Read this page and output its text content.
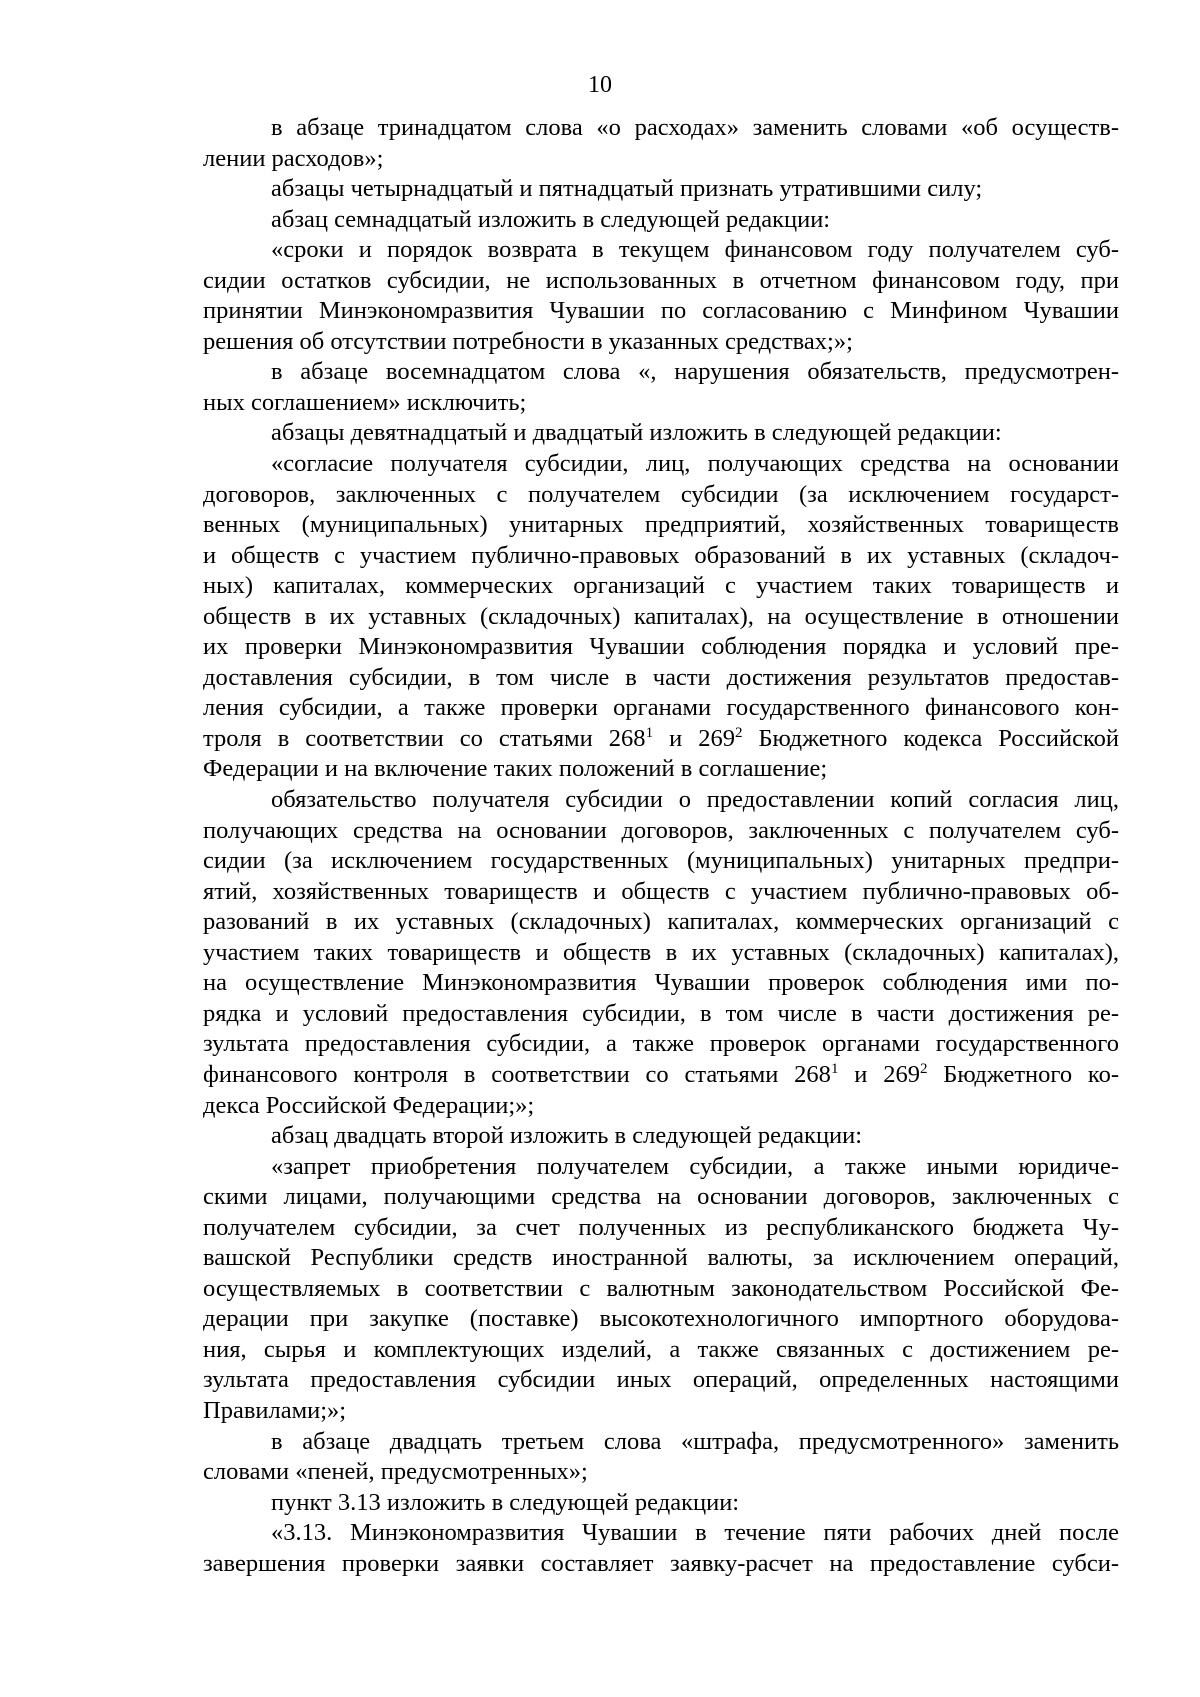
10
в абзаце тринадцатом слова «о расходах» заменить словами «об осуществ-
лении расходов»;
абзацы четырнадцатый и пятнадцатый признать утратившими силу;
абзац семнадцатый изложить в следующей редакции:
«сроки и порядок возврата в текущем финансовом году получателем суб-
сидии остатков субсидии, не использованных в отчетном финансовом году, при
принятии Минэкономразвития Чувашии по согласованию с Минфином Чувашии
решения об отсутствии потребности в указанных средствах;»;
в абзаце восемнадцатом слова «, нарушения обязательств, предусмотрен-
ных соглашением» исключить;
абзацы девятнадцатый и двадцатый изложить в следующей редакции:
«согласие получателя субсидии, лиц, получающих средства на основании
договоров, заключенных с получателем субсидии (за исключением государст-
венных (муниципальных) унитарных предприятий, хозяйственных товариществ
и обществ с участием публично-правовых образований в их уставных (складоч-
ных) капиталах, коммерческих организаций с участием таких товариществ и
обществ в их уставных (складочных) капиталах), на осуществление в отношении
их проверки Минэкономразвития Чувашии соблюдения порядка и условий пре-
доставления субсидии, в том числе в части достижения результатов предостав-
ления субсидии, а также проверки органами государственного финансового кон-
троля в соответствии со статьями $268^1$ и $269^2$ Бюджетного кодекса Российской
Федерации и на включение таких положений в соглашение;
обязательство получателя субсидии о предоставлении копий согласия лиц,
получающих средства на основании договоров, заключенных с получателем суб-
сидии (за исключением государственных (муниципальных) унитарных предпри-
ятий, хозяйственных товариществ и обществ с участием публично-правовых об-
разований в их уставных (складочных) капиталах, коммерческих организаций с
участием таких товариществ и обществ в их уставных (складочных) капиталах),
на осуществление Минэкономразвития Чувашии проверок соблюдения ими по-
рядка и условий предоставления субсидии, в том числе в части достижения ре-
зультата предоставления субсидии, а также проверок органами государственного
финансового контроля в соответствии со статьями $268^1$ и $269^2$ Бюджетного ко-
декса Российской Федерации;»;
абзац двадцать второй изложить в следующей редакции:
«запрет приобретения получателем субсидии, а также иными юридиче-
скими лицами, получающими средства на основании договоров, заключенных с
получателем субсидии, за счет полученных из республиканского бюджета Чу-
вашской Республики средств иностранной валюты, за исключением операций,
осуществляемых в соответствии с валютным законодательством Российской Фе-
дерации при закупке (поставке) высокотехнологичного импортного оборудова-
ния, сырья и комплектующих изделий, а также связанных с достижением ре-
зультата предоставления субсидии иных операций, определенных настоящими
Правилами;»;
в абзаце двадцать третьем слова «штрафа, предусмотренного» заменить
словами «пеней, предусмотренных»;
пункт 3.13 изложить в следующей редакции:
«3.13. Минэкономразвития Чувашии в течение пяти рабочих дней после
завершения проверки заявки составляет заявку-расчет на предоставление субси-
